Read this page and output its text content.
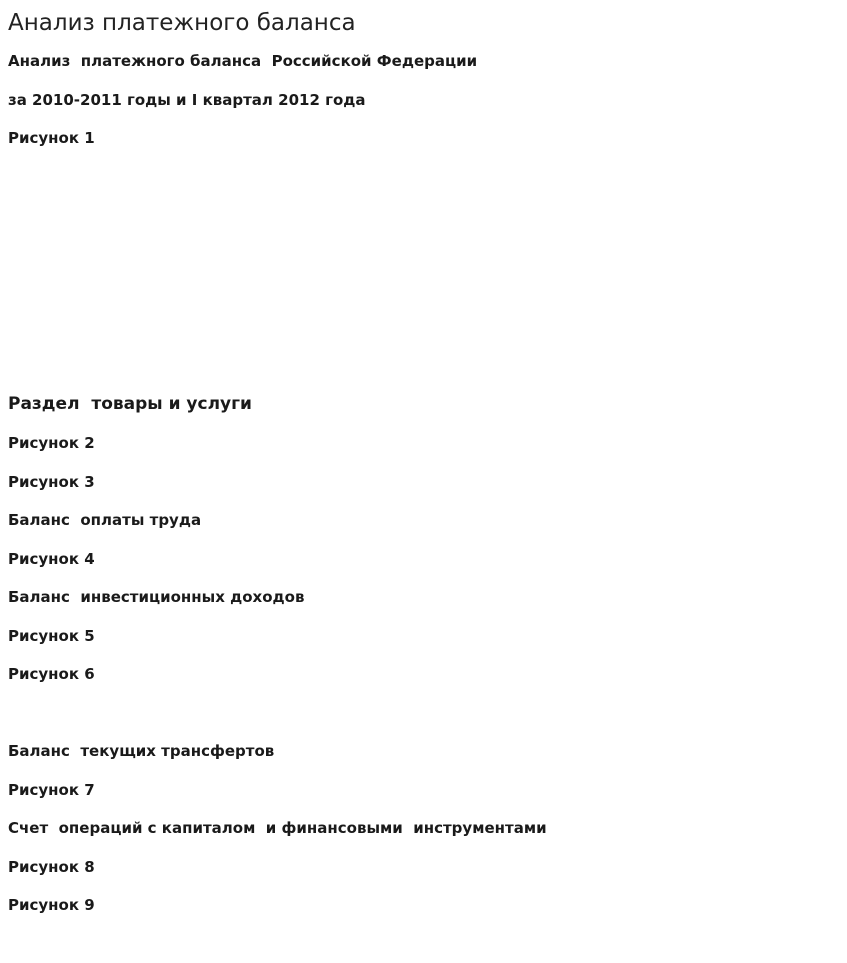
Анализ платежного баланса

Анализ  платежного баланса  Российской Федерации

за 2010-2011 годы и I квартал 2012 года

Рисунок 1

Раздел  товары и услуги

Рисунок 2

Рисунок 3

Баланс  оплаты труда

Рисунок 4

Баланс  инвестиционных доходов

Рисунок 5

Рисунок 6

Баланс  текущих трансфертов

Рисунок 7

Счет  операций с капиталом  и финансовыми  инструментами

Рисунок 8

Рисунок 9
